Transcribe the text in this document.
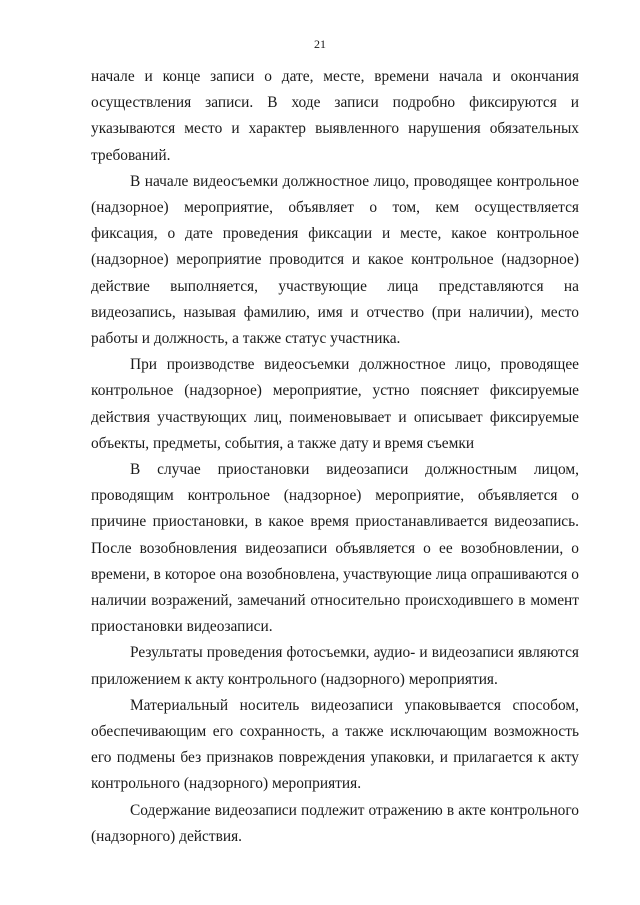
21

начале и конце записи о дате, месте, времени начала и окончания осуществления записи. В ходе записи подробно фиксируются и указываются место и характер выявленного нарушения обязательных требований.

В начале видеосъемки должностное лицо, проводящее контрольное (надзорное) мероприятие, объявляет о том, кем осуществляется фиксация, о дате проведения фиксации и месте, какое контрольное (надзорное) мероприятие проводится и какое контрольное (надзорное) действие выполняется, участвующие лица представляются на видеозапись, называя фамилию, имя и отчество (при наличии), место работы и должность, а также статус участника.

При производстве видеосъемки должностное лицо, проводящее контрольное (надзорное) мероприятие, устно поясняет фиксируемые действия участвующих лиц, поименовывает и описывает фиксируемые объекты, предметы, события, а также дату и время съемки

В случае приостановки видеозаписи должностным лицом, проводящим контрольное (надзорное) мероприятие, объявляется о причине приостановки, в какое время приостанавливается видеозапись. После возобновления видеозаписи объявляется о ее возобновлении, о времени, в которое она возобновлена, участвующие лица опрашиваются о наличии возражений, замечаний относительно происходившего в момент приостановки видеозаписи.

Результаты проведения фотосъемки, аудио- и видеозаписи являются приложением к акту контрольного (надзорного) мероприятия.

Материальный носитель видеозаписи упаковывается способом, обеспечивающим его сохранность, а также исключающим возможность его подмены без признаков повреждения упаковки, и прилагается к акту контрольного (надзорного) мероприятия.

Содержание видеозаписи подлежит отражению в акте контрольного (надзорного) действия.
